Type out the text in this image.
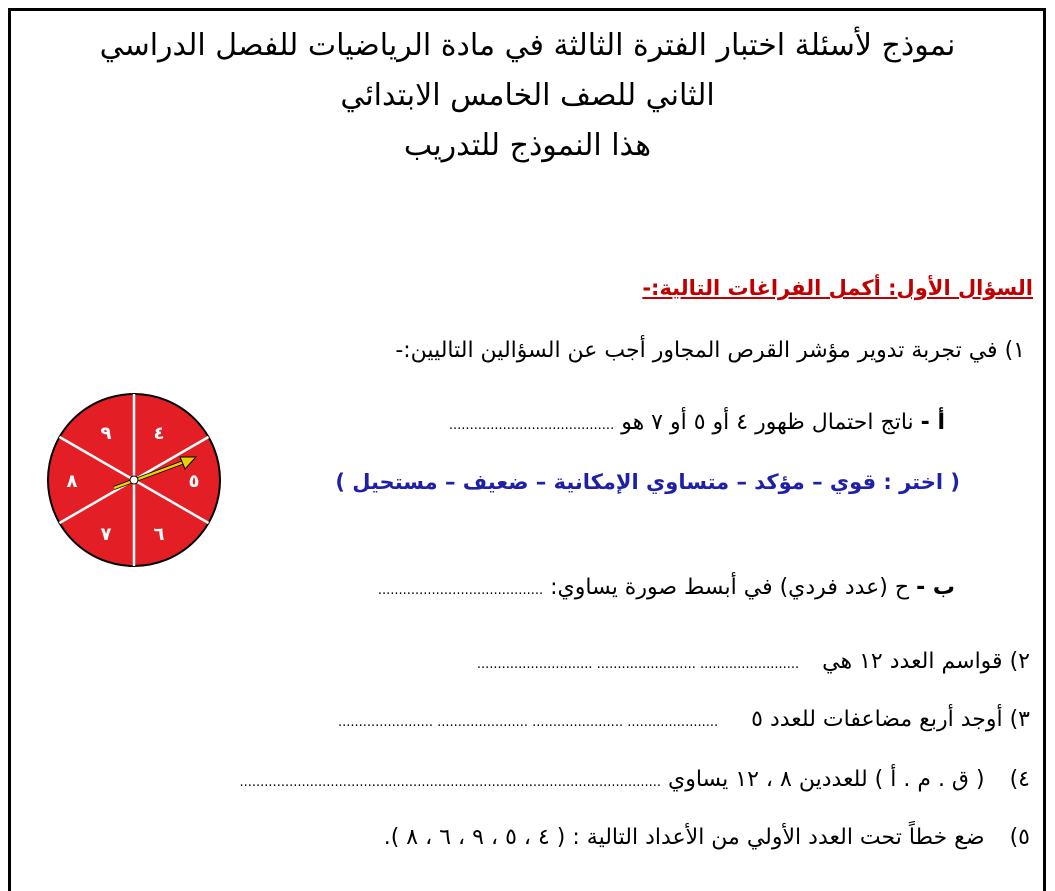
نموذج لأسئلة اختبار الفترة الثالثة في مادة الرياضيات للفصل الدراسي
الثاني للصف الخامس الابتدائي
هذا النموذج للتدريب
السؤال الأول: أكمل الفراغات التالية:-
١) في تجربة تدوير مؤشر القرص المجاور أجب عن السؤالين التاليين:-
أ - ناتج احتمال ظهور ٤ أو ٥ أو ٧ هو ........................................
( اختر : قوي – مؤكد – متساوي الإمكانية – ضعيف – مستحيل )
ب - ح (عدد فردي) في أبسط صورة يساوي: ........................................
٤
٥
٦
٧
٨
٩
٢) قواسم العدد ١٢ هي ........................ ........................ ............................
٣) أوجد أربع مضاعفات للعدد ٥ ...................... ...................... ...................... .......................
٤) ( ق . م . أ ) للعددين ٨ ، ١٢ يساوي ......................................................................................................
٥) ضع خطاً تحت العدد الأولي من الأعداد التالية : ( ٤ ، ٥ ، ٩ ، ٦ ، ٨ ).
